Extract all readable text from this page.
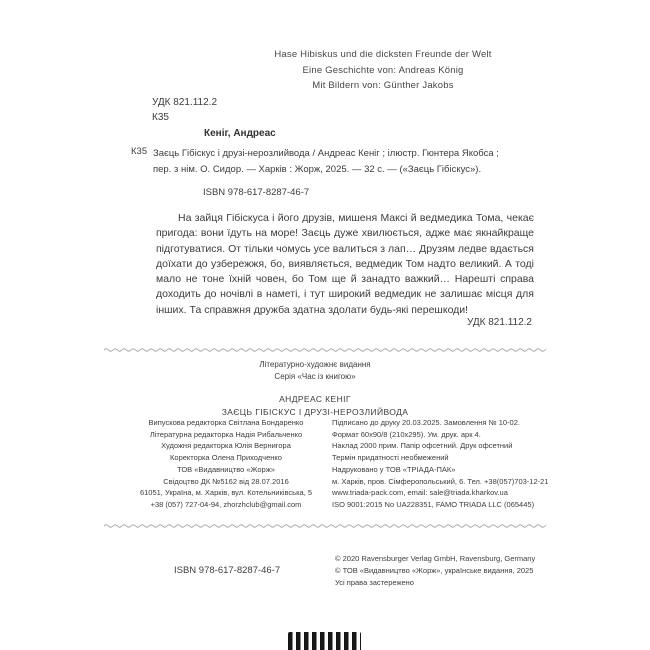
Hase Hibiskus und die dicksten Freunde der Welt
Eine Geschichte von: Andreas König
Mit Bildern von: Günther Jakobs
УДК 821.112.2
К35
Кеніг, Андреас
К35 Заєць Гібіскус і друзі-нерозлийвода / Андреас Кеніг ; ілюстр. Гюнтера Якобса ;
пер. з нім. О. Сидор. — Харків : Жорж, 2025. — 32 с. — («Заєць Гібіскус»).
ISBN 978-617-8287-46-7
На зайця Гібіскуса і його друзів, мишеня Максі й ведмедика Тома, чекає пригода: вони їдуть на море! Заєць дуже хвилюється, адже має якнайкраще підготуватися. От тільки чомусь усе валиться з лап… Друзям ледве вдається доїхати до узбережжя, бо, виявляється, ведмедик Том надто великий. А тоді мало не тоне їхній човен, бо Том ще й занадто важкий… Нарешті справа доходить до ночівлі в наметі, і тут широкий ведмедик не залишає місця для інших. Та справжня дружба здатна здолати будь-які перешкоди!
УДК 821.112.2
Літературно-художнє видання
Серія «Час із книгою»
АНДРЕАС КЕНІГ
ЗАЄЦЬ ГІБІСКУС І ДРУЗІ-НЕРОЗЛИЙВОДА
Випускова редакторка Світлана Бондаренко
Літературна редакторка Надія Рибальченко
Художня редакторка Юлія Вернигора
Коректорка Олена Приходченко
ТОВ «Видавництво «Жорж»
Свідоцтво ДК №5162 від 28.07.2016
61051, Україна, м. Харків, вул. Котельниківська, 5
+38 (057) 727-04-94, zhorzhclub@gmail.com
Підписано до друку 20.03.2025. Замовлення № 10-02.
Формат 60х90/8 (210х295). Ум. друк. арк 4.
Наклад 2000 прим. Папір офсетний. Друк офсетний
Термін придатності необмежений
Надруковано у ТОВ «ТРІАДА-ПАК»
м. Харків, пров. Сімферопольський, 6. Тел. +38(057)703-12-21
www.triada-pack.com, email: sale@triada.kharkov.ua
ISO 9001:2015 No UA228351, FAMO TRIADA LLC (065445)
ISBN 978-617-8287-46-7
© 2020 Ravensburger Verlag GmbH, Ravensburg, Germany
© ТОВ «Видавництво «Жорж», українське видання, 2025
Усі права застережено
